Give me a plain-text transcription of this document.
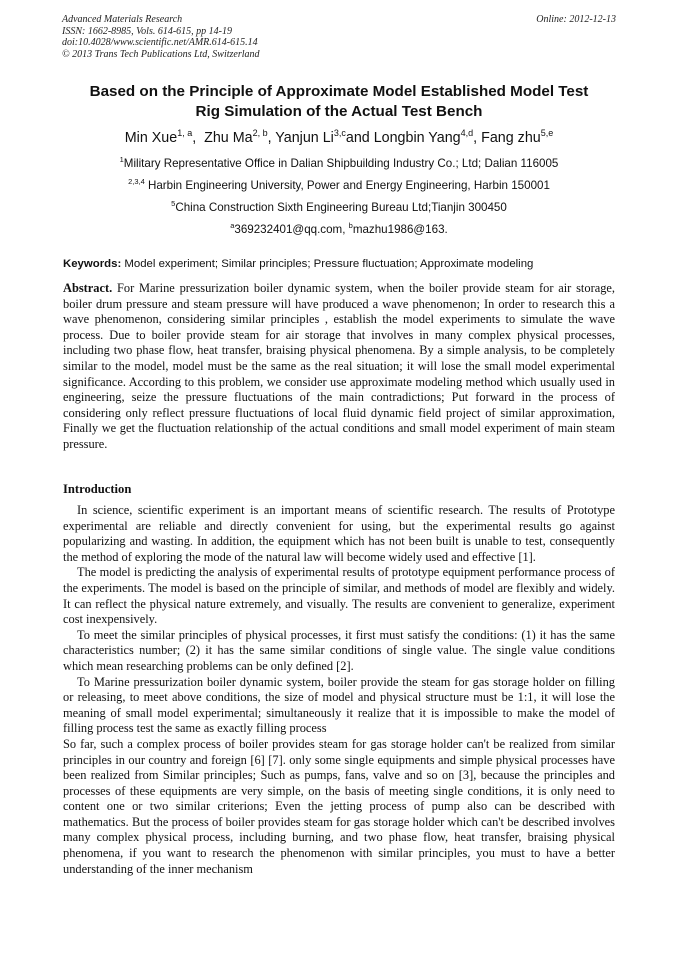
Advanced Materials Research
ISSN: 1662-8985, Vols. 614-615, pp 14-19
doi:10.4028/www.scientific.net/AMR.614-615.14
© 2013 Trans Tech Publications Ltd, Switzerland
Online: 2012-12-13
Based on the Principle of Approximate Model Established Model Test
Rig Simulation of the Actual Test Bench
Min Xue$^{1, a}$,  Zhu Ma$^{2, b}$, Yanjun Li$^{3,c}$and Longbin Yang$^{4,d}$, Fang zhu$^{5,e}$
$^1$Military Representative Office in Dalian Shipbuilding Industry Co.; Ltd; Dalian 116005
$^{2,3,4}$ Harbin Engineering University, Power and Energy Engineering, Harbin 150001
$^5$China Construction Sixth Engineering Bureau Ltd;Tianjin 300450
$^a$369232401@qq.com, $^b$mazhu1986@163.
Keywords: Model experiment; Similar principles; Pressure fluctuation; Approximate modeling
Abstract. For Marine pressurization boiler dynamic system, when the boiler provide steam for air storage, boiler drum pressure and steam pressure will have produced a wave phenomenon; In order to research this a wave phenomenon, considering similar principles , establish the model experiments to simulate the wave process. Due to boiler provide steam for air storage that involves in many complex physical processes, including two phase flow, heat transfer, braising physical phenomena. By a simple analysis, to be completely similar to the model, model must be the same as the real situation; it will lose the small model experimental significance. According to this problem, we consider use approximate modeling method which usually used in engineering, seize the pressure fluctuations of the main contradictions; Put forward in the process of considering only reflect pressure fluctuations of local fluid dynamic field project of similar approximation, Finally we get the fluctuation relationship of the actual conditions and small model experiment of main steam pressure.
Introduction

In science, scientific experiment is an important means of scientific research. The results of Prototype experimental are reliable and directly convenient for using, but the experimental results go against popularizing and wasting. In addition, the equipment which has not been built is unable to test, consequently the method of exploring the mode of the natural law will become widely used and effective [1].

The model is predicting the analysis of experimental results of prototype equipment performance process of the experiments. The model is based on the principle of similar, and methods of model are flexibly and widely. It can reflect the physical nature extremely, and visually. The results are convenient to generalize, experiment cost inexpensively.

To meet the similar principles of physical processes, it first must satisfy the conditions: (1) it has the same characteristics number; (2) it has the same similar conditions of single value. The single value conditions which mean researching problems can be only defined [2].

To Marine pressurization boiler dynamic system, boiler provide the steam for gas storage holder on filling or releasing, to meet above conditions, the size of model and physical structure must be 1:1, it will lose the meaning of small model experimental; simultaneously it realize that it is impossible to make the model of filling process test the same as exactly filling process

So far, such a complex process of boiler provides steam for gas storage holder can't be realized from similar principles in our country and foreign [6] [7]. only some single equipments and simple physical processes have been realized from Similar principles; Such as pumps, fans, valve and so on [3], because the principles and processes of these equipments are very simple, on the basis of meeting single conditions, it is only need to content one or two similar criterions; Even the jetting process of pump also can be described with mathematics. But the process of boiler provides steam for gas storage holder which can't be described involves many complex physical process, including burning, and two phase flow, heat transfer, braising physical phenomena, if you want to research the phenomenon with similar principles, you must to have a better understanding of the inner mechanism
